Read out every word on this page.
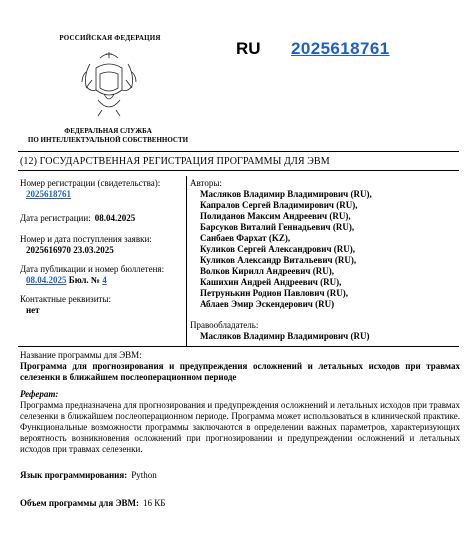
РОССИЙСКАЯ ФЕДЕРАЦИЯ
ФЕДЕРАЛЬНАЯ СЛУЖБА
ПО ИНТЕЛЛЕКТУАЛЬНОЙ СОБСТВЕННОСТИ
RU 2025618761
(12) ГОСУДАРСТВЕННАЯ РЕГИСТРАЦИЯ ПРОГРАММЫ ДЛЯ ЭВМ
Номер регистрации (свидетельства):
2025618761
Дата регистрации: 08.04.2025
Номер и дата поступления заявки:
2025616970 23.03.2025
Дата публикации и номер бюллетеня:
08.04.2025 Бюл. № 4
Контактные реквизиты:
нет
Авторы:
Масляков Владимир Владимирович (RU),
Капралов Сергей Владимирович (RU),
Полиданов Максим Андреевич (RU),
Барсуков Виталий Геннадьевич (RU),
Санбаев Фархат (KZ),
Куликов Сергей Александрович (RU),
Куликов Александр Витальевич (RU),
Волков Кирилл Андреевич (RU),
Кашихин Андрей Андреевич (RU),
Петрунькин Родион Павлович (RU),
Аблаев Эмир Эскендерович (RU)
Правообладатель:
Масляков Владимир Владимирович (RU)
Название программы для ЭВМ:
Программа для прогнозирования и предупреждения осложнений и летальных исходов при травмах селезенки в ближайшем послеоперационном периоде
Реферат:
Программа предназначена для прогнозирования и предупреждения осложнений и летальных исходов при травмах селезенки в ближайшем послеоперационном периоде. Программа может использоваться в клинической практике. Функциональные возможности программы заключаются в определении важных параметров, характеризующих вероятность возникновения осложнений при прогнозировании и предупреждении осложнений и летальных исходов при травмах селезенки.
Язык программирования: Python
Объем программы для ЭВМ: 16 КБ
